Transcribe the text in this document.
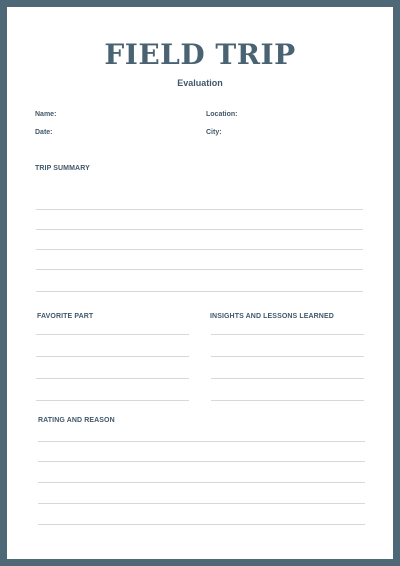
FIELD TRIP
Evaluation
Name:	Location:
Date:	City:
TRIP SUMMARY
FAVORITE PART	INSIGHTS AND LESSONS LEARNED
RATING AND REASON
